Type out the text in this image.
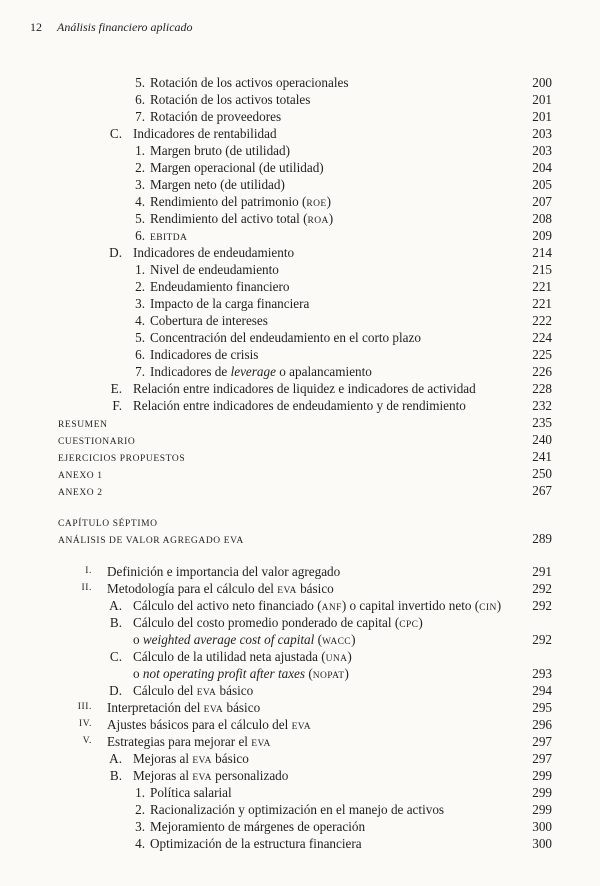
12 Análisis financiero aplicado
5. Rotación de los activos operacionales	200
6. Rotación de los activos totales	201
7. Rotación de proveedores	201
C. Indicadores de rentabilidad	203
1. Margen bruto (de utilidad)	203
2. Margen operacional (de utilidad)	204
3. Margen neto (de utilidad)	205
4. Rendimiento del patrimonio (ROE)	207
5. Rendimiento del activo total (ROA)	208
6. EBITDA	209
D. Indicadores de endeudamiento	214
1. Nivel de endeudamiento	215
2. Endeudamiento financiero	221
3. Impacto de la carga financiera	221
4. Cobertura de intereses	222
5. Concentración del endeudamiento en el corto plazo	224
6. Indicadores de crisis	225
7. Indicadores de leverage o apalancamiento	226
E. Relación entre indicadores de liquidez e indicadores de actividad	228
F. Relación entre indicadores de endeudamiento y de rendimiento	232
RESUMEN	235
CUESTIONARIO	240
EJERCICIOS PROPUESTOS	241
ANEXO 1	250
ANEXO 2	267
CAPÍTULO SÉPTIMO
ANÁLISIS DE VALOR AGREGADO EVA	289
I. Definición e importancia del valor agregado	291
II. Metodología para el cálculo del EVA básico	292
A. Cálculo del activo neto financiado (ANF) o capital invertido neto (CIN) 292
B. Cálculo del costo promedio ponderado de capital (CPC)
o weighted average cost of capital (WACC)	292
C. Cálculo de la utilidad neta ajustada (UNA)
o not operating profit after taxes (NOPAT)	293
D. Cálculo del EVA básico	294
III. Interpretación del EVA básico	295
IV. Ajustes básicos para el cálculo del EVA	296
V. Estrategias para mejorar el EVA	297
A. Mejoras al EVA básico	297
B. Mejoras al EVA personalizado	299
1. Política salarial	299
2. Racionalización y optimización en el manejo de activos	299
3. Mejoramiento de márgenes de operación	300
4. Optimización de la estructura financiera	300
